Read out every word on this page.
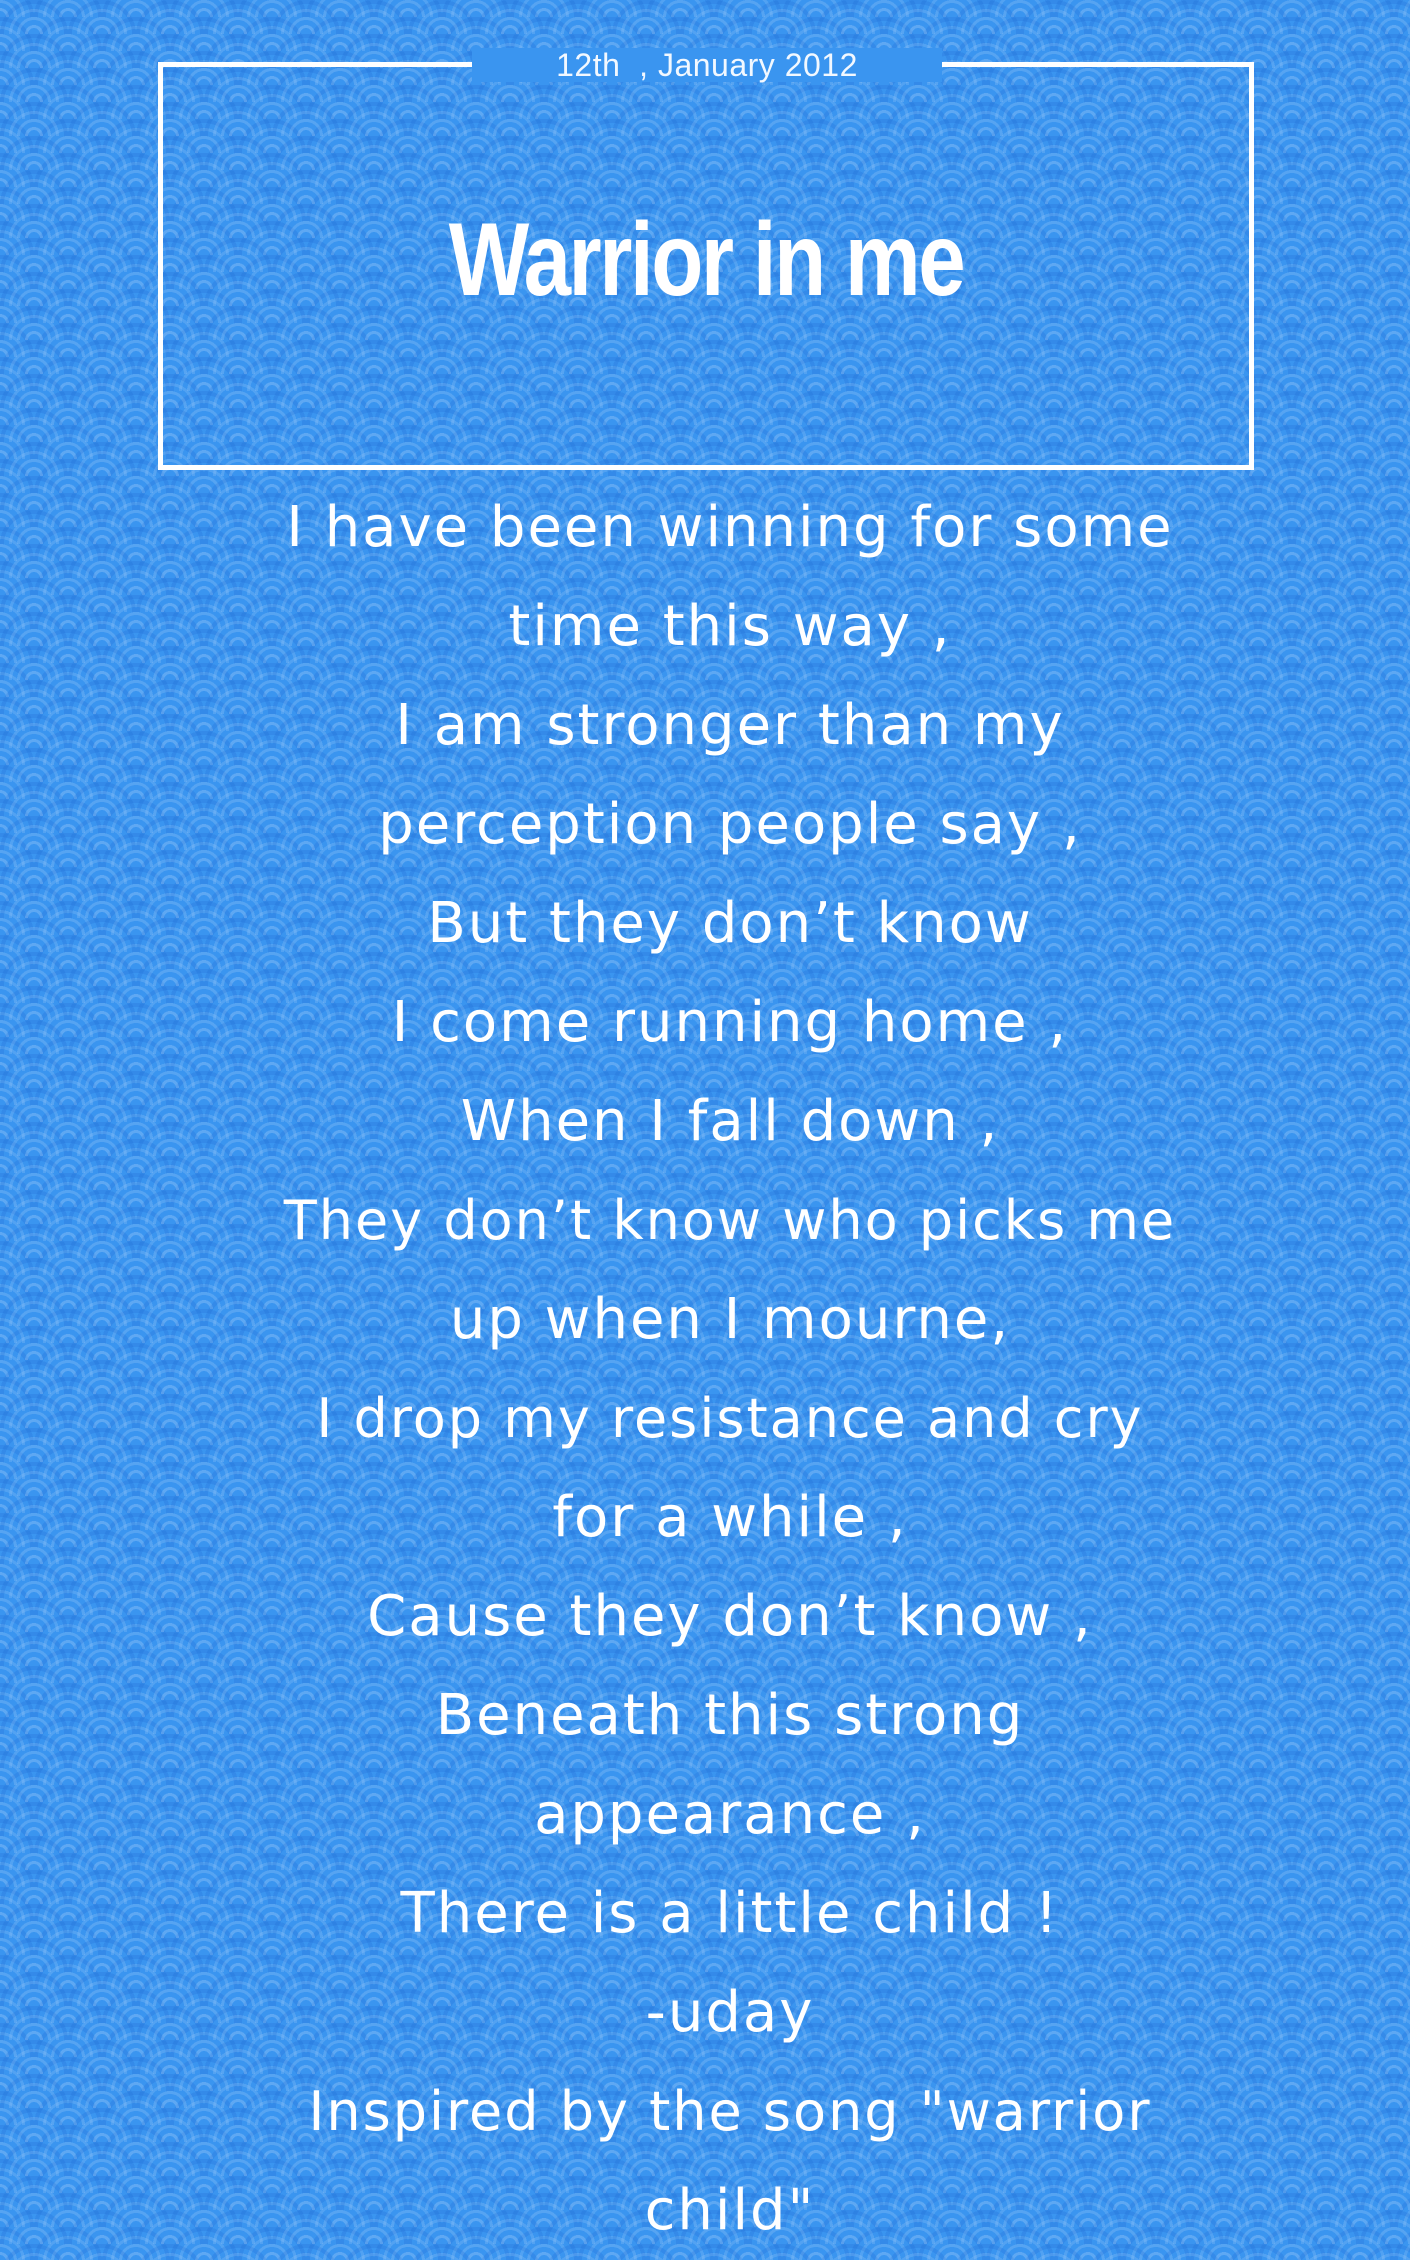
12th  , January 2012
Warrior in me
I have been winning for some
time this way ,
I am stronger than my
perception people say ,
But they don’t know
I come running home ,
When I fall down ,
They don’t know who picks me
up when I mourne,
I drop my resistance and cry
for a while ,
Cause they don’t know ,
Beneath this strong
appearance ,
There is a little child !
-uday
Inspired by the song "warrior
child"
